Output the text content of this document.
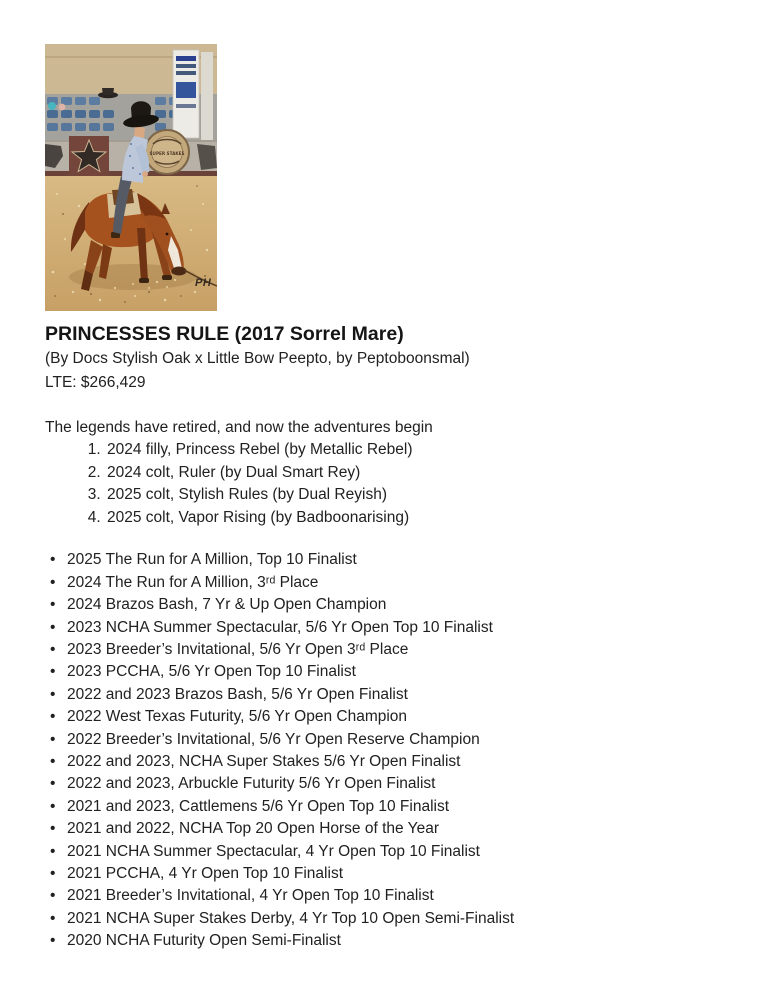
SUPER STAKES
PH
PRINCESSES RULE (2017 Sorrel Mare)

(By Docs Stylish Oak x Little Bow Peepto, by Peptoboonsmal)

LTE: $266,429

The legends have retired, and now the adventures begin

1. 2024 filly, Princess Rebel (by Metallic Rebel)
2. 2024 colt, Ruler (by Dual Smart Rey)
3. 2025 colt, Stylish Rules (by Dual Reyish)
4. 2025 colt, Vapor Rising (by Badboonarising)
• 2025 The Run for A Million, Top 10 Finalist
• 2024 The Run for A Million, 3ʳᵈ Place
• 2024 Brazos Bash, 7 Yr & Up Open Champion
• 2023 NCHA Summer Spectacular, 5/6 Yr Open Top 10 Finalist
• 2023 Breeder’s Invitational, 5/6 Yr Open 3ʳᵈ Place
• 2023 PCCHA, 5/6 Yr Open Top 10 Finalist
• 2022 and 2023 Brazos Bash, 5/6 Yr Open Finalist
• 2022 West Texas Futurity, 5/6 Yr Open Champion
• 2022 Breeder’s Invitational, 5/6 Yr Open Reserve Champion
• 2022 and 2023, NCHA Super Stakes 5/6 Yr Open Finalist
• 2022 and 2023, Arbuckle Futurity 5/6 Yr Open Finalist
• 2021 and 2023, Cattlemens 5/6 Yr Open Top 10 Finalist
• 2021 and 2022, NCHA Top 20 Open Horse of the Year
• 2021 NCHA Summer Spectacular, 4 Yr Open Top 10 Finalist
• 2021 PCCHA, 4 Yr Open Top 10 Finalist
• 2021 Breeder’s Invitational, 4 Yr Open Top 10 Finalist
• 2021 NCHA Super Stakes Derby, 4 Yr Top 10 Open Semi-Finalist
• 2020 NCHA Futurity Open Semi-Finalist
